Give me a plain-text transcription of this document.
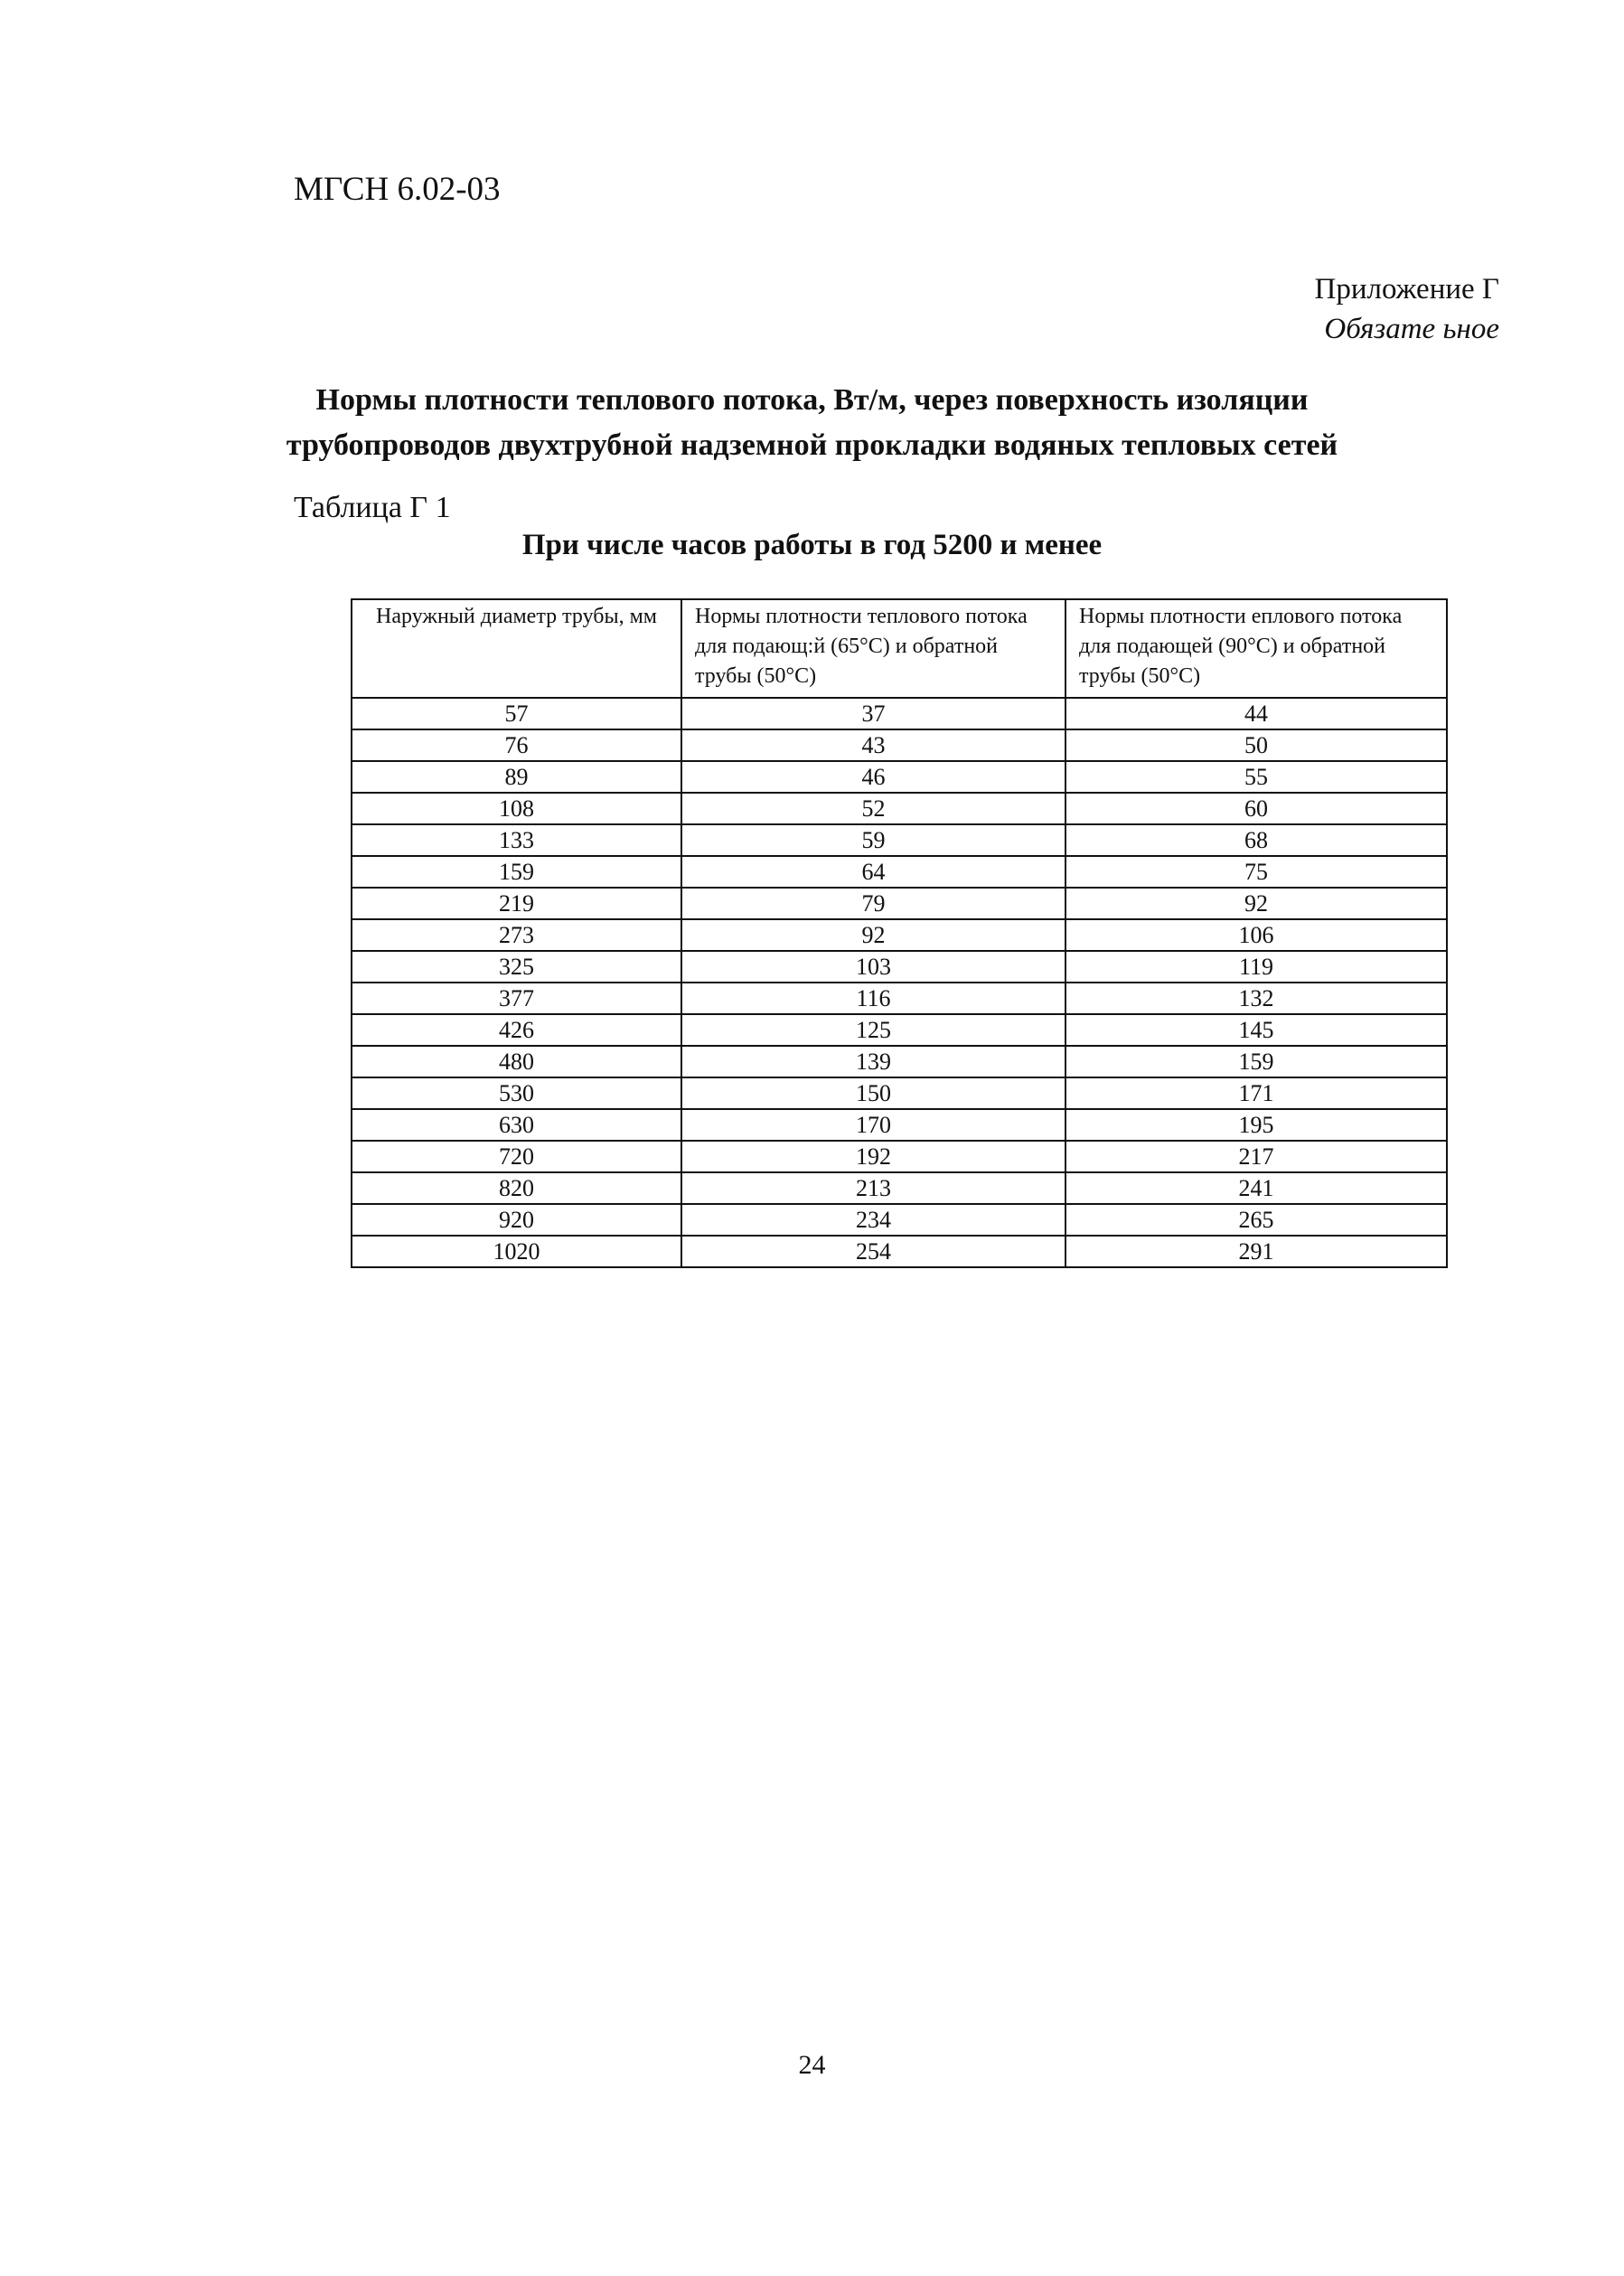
МГСН 6.02-03
Приложение Г
Обязате ьное
Нормы плотности теплового потока, Вт/м, через поверхность изоляции
трубопроводов двухтрубной надземной прокладки водяных тепловых сетей
Таблица Г 1
При числе часов работы в год 5200 и менее
Наружный диаметр трубы, мм	Нормы плотности теплового потока для подающ:й (65°С) и обратной трубы (50°С)	Нормы плотности еплового потока для подающей (90°С) и обратной трубы (50°С)
57	37	44
76	43	50
89	46	55
108	52	60
133	59	68
159	64	75
219	79	92
273	92	106
325	103	119
377	116	132
426	125	145
480	139	159
530	150	171
630	170	195
720	192	217
820	213	241
920	234	265
1020	254	291
24
